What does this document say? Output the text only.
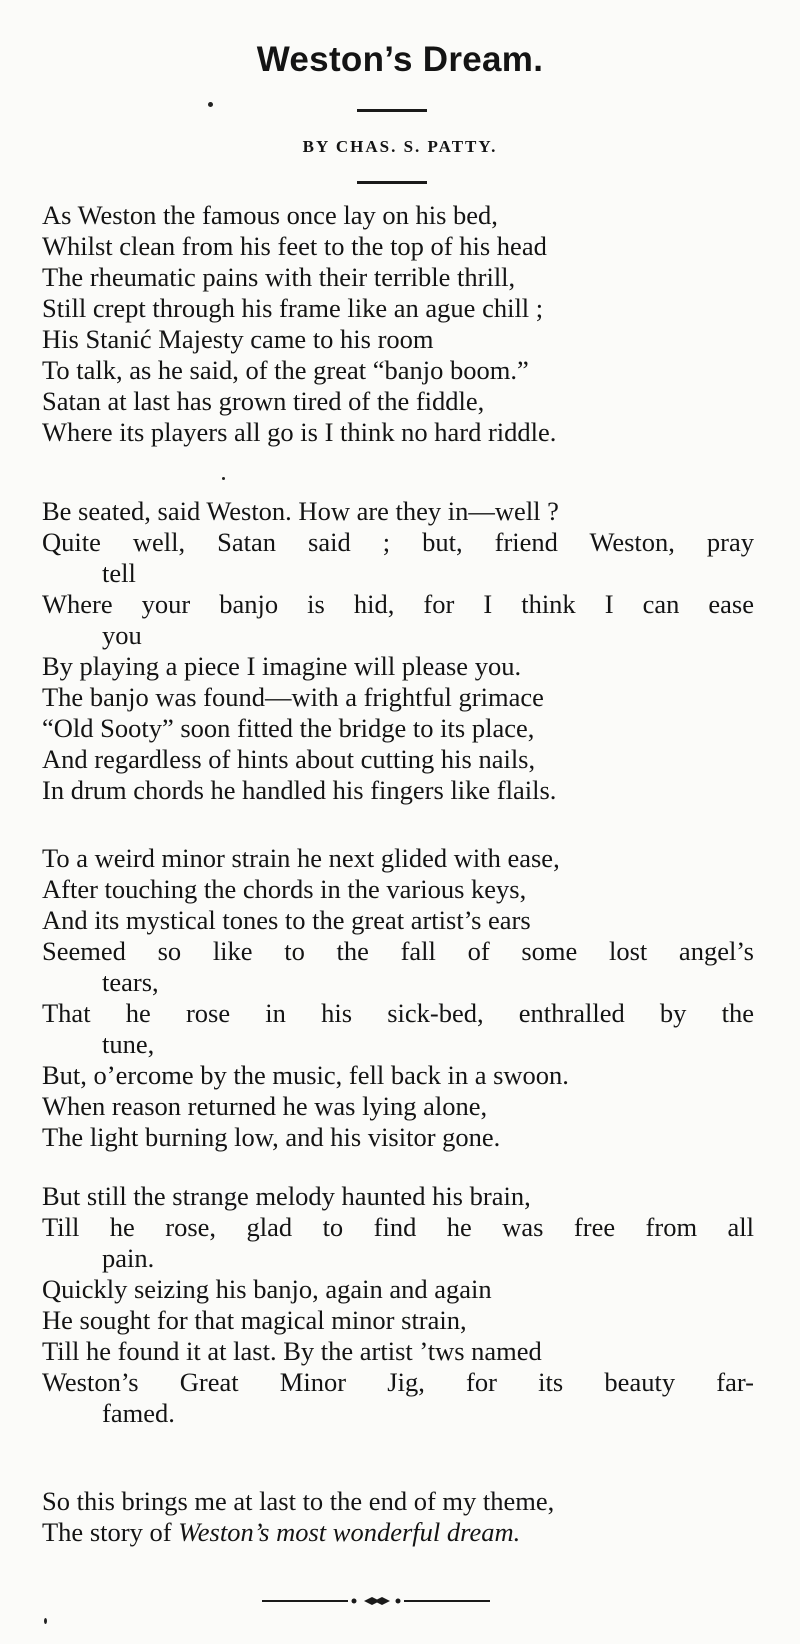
Weston’s Dream.
BY CHAS. S. PATTY.
As Weston the famous once lay on his bed,
Whilst clean from his feet to the top of his head
The rheumatic pains with their terrible thrill,
Still crept through his frame like an ague chill ;
His Stanić Majesty came to his room
To talk, as he said, of the great “banjo boom.”
Satan at last has grown tired of the fiddle,
Where its players all go is I think no hard riddle.
Be seated, said Weston. How are they in—well ?
Quite well, Satan said ; but, friend Weston, pray
tell
Where your banjo is hid, for I think I can ease
you
By playing a piece I imagine will please you.
The banjo was found—with a frightful grimace
“Old Sooty” soon fitted the bridge to its place,
And regardless of hints about cutting his nails,
In drum chords he handled his fingers like flails.
To a weird minor strain he next glided with ease,
After touching the chords in the various keys,
And its mystical tones to the great artist’s ears
Seemed so like to the fall of some lost angel’s
tears,
That he rose in his sick-bed, enthralled by the
tune,
But, o’ercome by the music, fell back in a swoon.
When reason returned he was lying alone,
The light burning low, and his visitor gone.
But still the strange melody haunted his brain,
Till he rose, glad to find he was free from all
pain.
Quickly seizing his banjo, again and again
He sought for that magical minor strain,
Till he found it at last. By the artist ’tws named
Weston’s Great Minor Jig, for its beauty far-
famed.
So this brings me at last to the end of my theme,
The story of Weston’s most wonderful dream.
